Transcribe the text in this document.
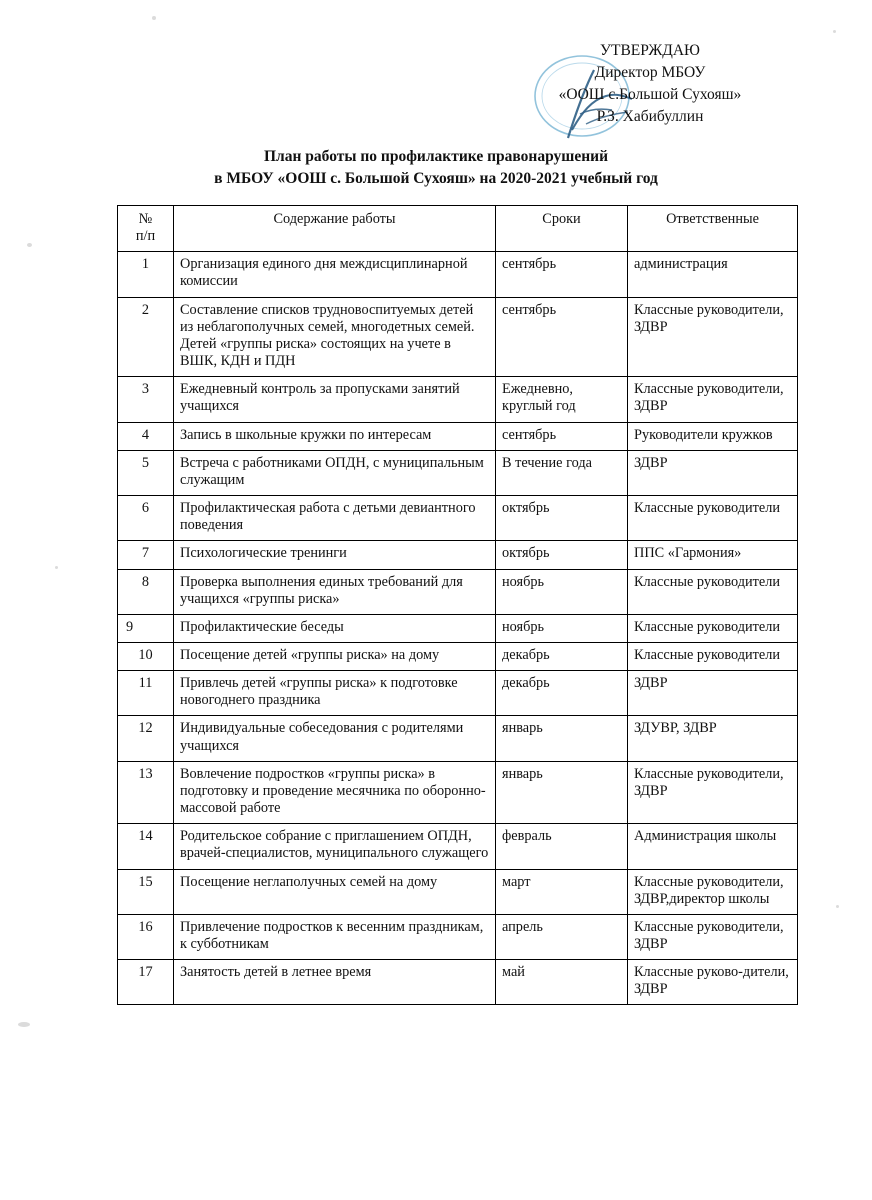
УТВЕРЖДАЮ
Директор МБОУ
«ООШ с.Большой Сухояш»
Р.З. Хабибуллин
План работы по профилактике правонарушений
в МБОУ «ООШ с. Большой Сухояш» на 2020-2021 учебный год
№
п/п	Содержание работы	Сроки	Ответственные
1	Организация единого дня междисциплинарной комиссии	сентябрь	администрация
2	Составление списков трудновоспитуемых детей из неблагополучных семей, многодетных семей. Детей «группы риска» состоящих на учете в ВШК, КДН и ПДН	сентябрь	Классные руководители, ЗДВР
3	Ежедневный контроль за пропусками занятий учащихся	Ежедневно, круглый год	Классные руководители, ЗДВР
4	Запись в школьные кружки по интересам	сентябрь	Руководители кружков
5	Встреча с работниками ОПДН, с муниципальным служащим	В течение года	ЗДВР
6	Профилактическая работа с детьми девиантного поведения	октябрь	Классные руководители
7	Психологические тренинги	октябрь	ППС «Гармония»
8	Проверка выполнения единых требований для учащихся «группы риска»	ноябрь	Классные руководители
9	Профилактические беседы	ноябрь	Классные руководители
10	Посещение детей «группы риска» на дому	декабрь	Классные руководители
11	Привлечь детей «группы риска» к подготовке новогоднего праздника	декабрь	ЗДВР
12	Индивидуальные собеседования с родителями учащихся	январь	ЗДУВР, ЗДВР
13	Вовлечение подростков «группы риска» в подготовку и проведение месячника по оборонно-массовой работе	январь	Классные руководители, ЗДВР
14	Родительское собрание с приглашением ОПДН, врачей-специалистов, муниципального служащего	февраль	Администрация школы
15	Посещение неглаполучных семей на дому	март	Классные руководители, ЗДВР,директор школы
16	Привлечение подростков к весенним праздникам, к субботникам	апрель	Классные руководители, ЗДВР
17	Занятость детей в летнее время	май	Классные руково-дители, ЗДВР
